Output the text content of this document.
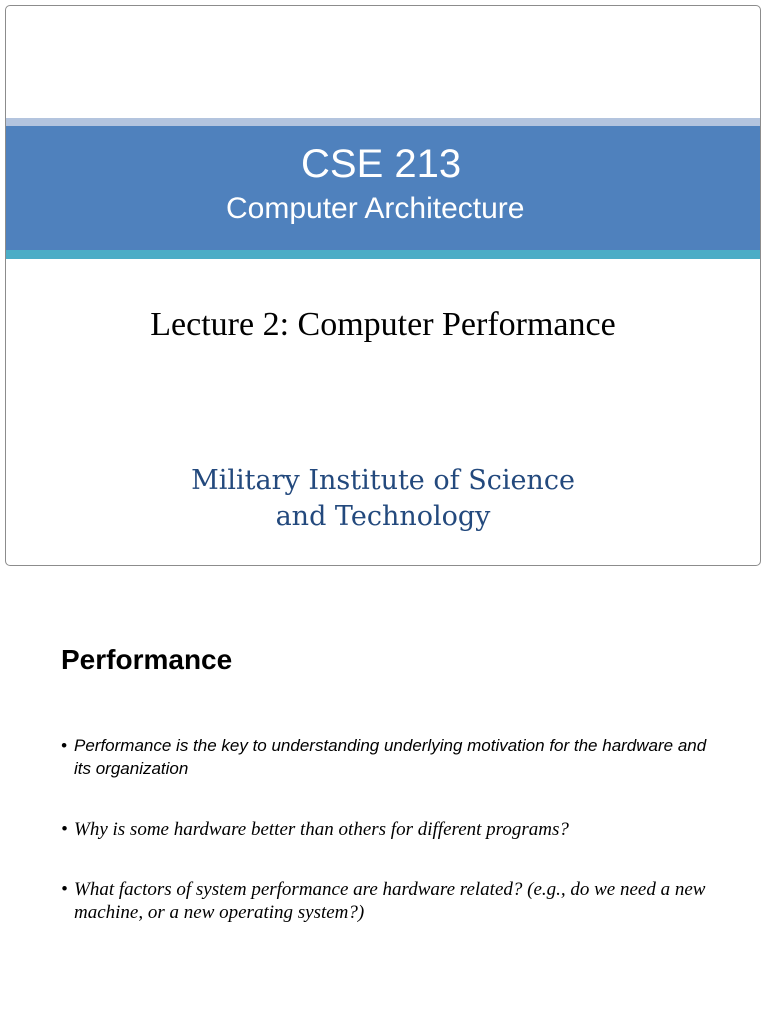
CSE 213
Computer Architecture
Lecture 2: Computer Performance
Military Institute of Science
and Technology
Performance
• Performance is the key to understanding underlying motivation for the hardware and its organization
• Why is some hardware better than others for different programs?
• What factors of system performance are hardware related? (e.g., do we need a new machine, or a new operating system?)
